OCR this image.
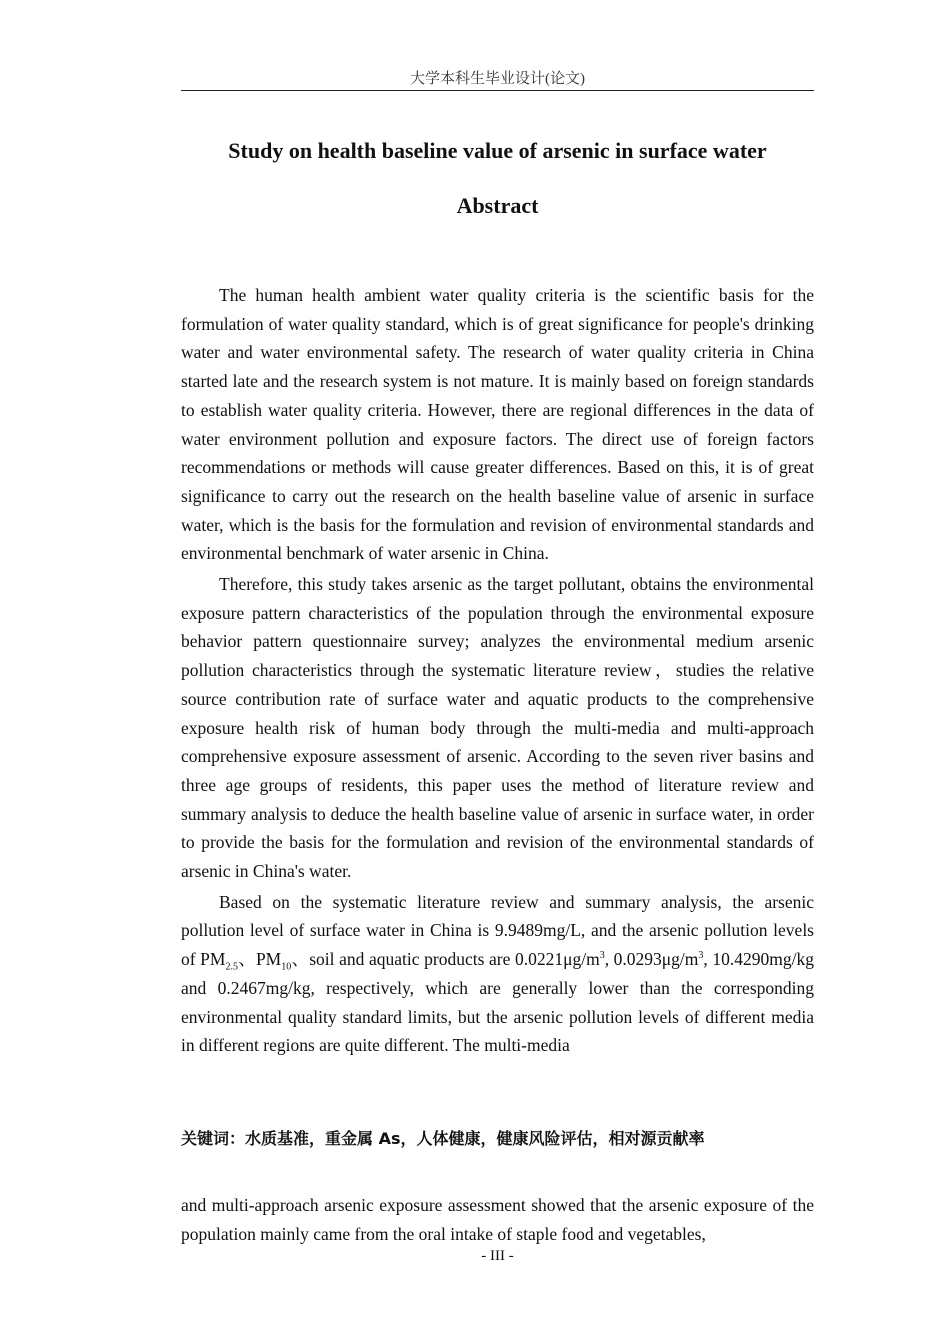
大学本科生毕业设计(论文)
Study on health baseline value of arsenic in surface water
Abstract

The human health ambient water quality criteria is the scientific basis for the formulation of water quality standard, which is of great significance for people's drinking water and water environmental safety. The research of water quality criteria in China started late and the research system is not mature. It is mainly based on foreign standards to establish water quality criteria. However, there are regional differences in the data of water environment pollution and exposure factors. The direct use of foreign factors recommendations or methods will cause greater differences. Based on this, it is of great significance to carry out the research on the health baseline value of arsenic in surface water, which is the basis for the formulation and revision of environmental standards and environmental benchmark of water arsenic in China.

Therefore, this study takes arsenic as the target pollutant, obtains the environmental exposure pattern characteristics of the population through the environmental exposure behavior pattern questionnaire survey; analyzes the environmental medium arsenic pollution characteristics through the systematic literature review，studies the relative source contribution rate of surface water and aquatic products to the comprehensive exposure health risk of human body through the multi-media and multi-approach comprehensive exposure assessment of arsenic. According to the seven river basins and three age groups of residents, this paper uses the method of literature review and summary analysis to deduce the health baseline value of arsenic in surface water, in order to provide the basis for the formulation and revision of the environmental standards of arsenic in China's water.

Based on the systematic literature review and summary analysis, the arsenic pollution level of surface water in China is 9.9489mg/L, and the arsenic pollution levels of $PM_{2.5}$、$PM_{10}$、soil and aquatic products are $0.0221\mu g/m^3$, $0.0293\mu g/m^3$, 10.4290mg/kg and 0.2467mg/kg, respectively, which are generally lower than the corresponding environmental quality standard limits, but the arsenic pollution levels of different media in different regions are quite different. The multi-media

关键词： 水质基准，重金属 As，人体健康，健康风险评估，相对源贡献率

and multi-approach arsenic exposure assessment showed that the arsenic exposure of the population mainly came from the oral intake of staple food and vegetables,

- III -
